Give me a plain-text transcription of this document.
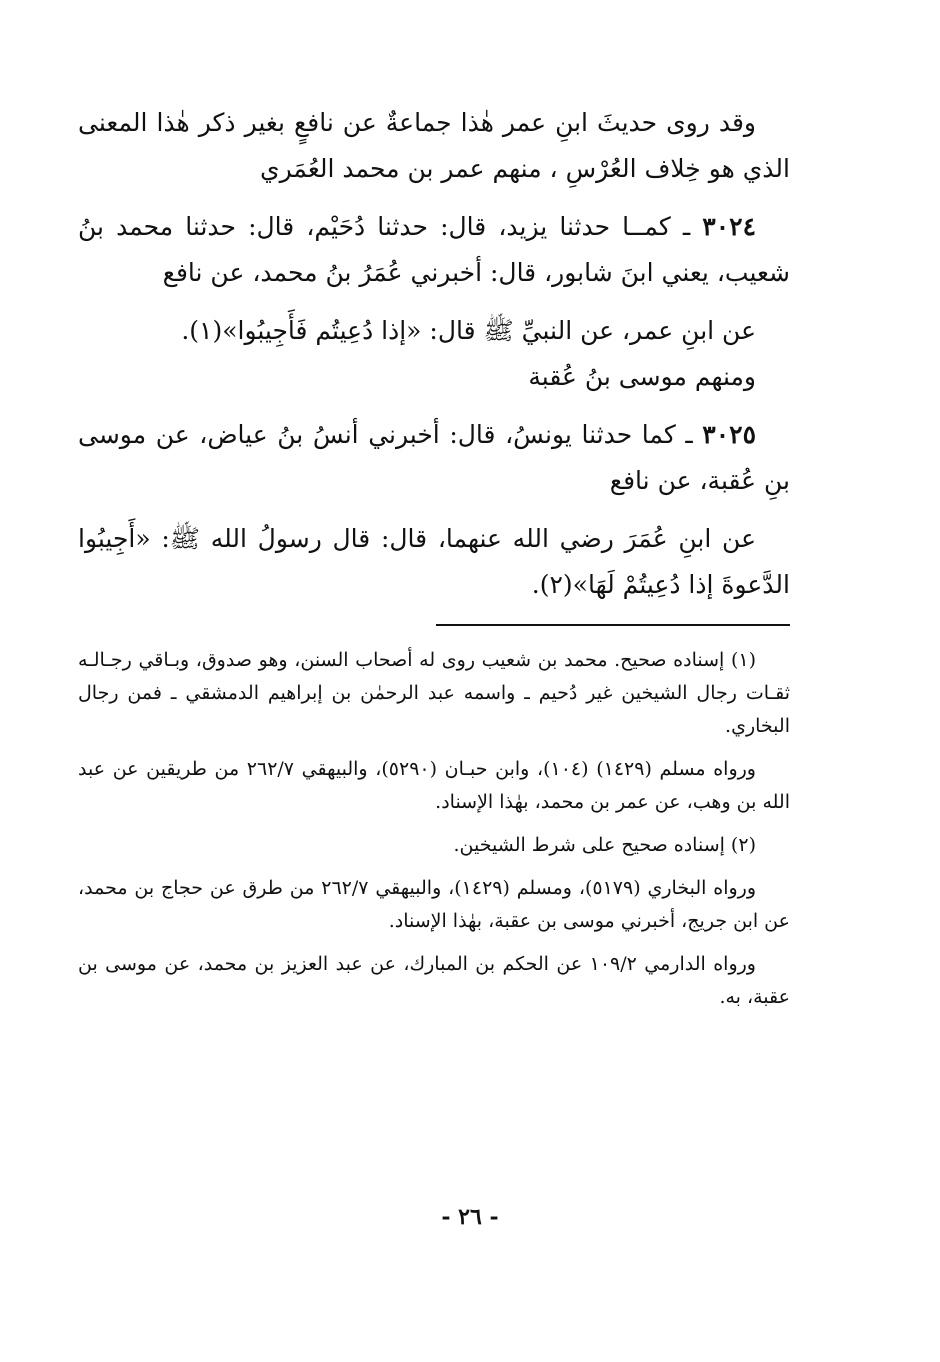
وقد روى حديثَ ابنِ عمر هٰذا جماعةٌ عن نافعٍ بغير ذكر هٰذا المعنى الذي هو خِلاف العُرْسِ ، منهم عمر بن محمد العُمَري

٣٠٢٤ ـ كمــا حدثنا يزيد، قال: حدثنا دُحَيْم، قال: حدثنا محمد بنُ شعيب، يعني ابنَ شابور، قال: أخبرني عُمَرُ بنُ محمد، عن نافع

عن ابنِ عمر، عن النبيِّ ﷺ قال: «إذا دُعِيتُم فَأَجِيبُوا»(١).

ومنهم موسى بنُ عُقبة

٣٠٢٥ ـ كما حدثنا يونسُ، قال: أخبرني أنسُ بنُ عياض، عن موسى بنِ عُقبة، عن نافع

عن ابنِ عُمَرَ رضي الله عنهما، قال: قال رسولُ الله ﷺ: «أَجِيبُوا الدَّعوةَ إذا دُعِيتُمْ لَهَا»(٢).

(١) إسناده صحيح. محمد بن شعيب روى له أصحاب السنن، وهو صدوق، وبـاقي رجـالـه ثقـات رجال الشيخين غير دُحيم ـ واسمه عبد الرحمٰن بن إبراهيم الدمشقي ـ فمن رجال البخاري.

ورواه مسلم (١٤٢٩) (١٠٤)، وابن حبـان (٥٢٩٠)، والبيهقي ٢٦٢/٧ من طريقين عن عبد الله بن وهب، عن عمر بن محمد، بهٰذا الإسناد.

(٢) إسناده صحيح على شرط الشيخين.

ورواه البخاري (٥١٧٩)، ومسلم (١٤٢٩)، والبيهقي ٢٦٢/٧ من طرق عن حجاج بن محمد، عن ابن جريج، أخبرني موسى بن عقبة، بهٰذا الإسناد.

ورواه الدارمي ١٠٩/٢ عن الحكم بن المبارك، عن عبد العزيز بن محمد، عن موسى بن عقبة، به.

- ٢٦ -
